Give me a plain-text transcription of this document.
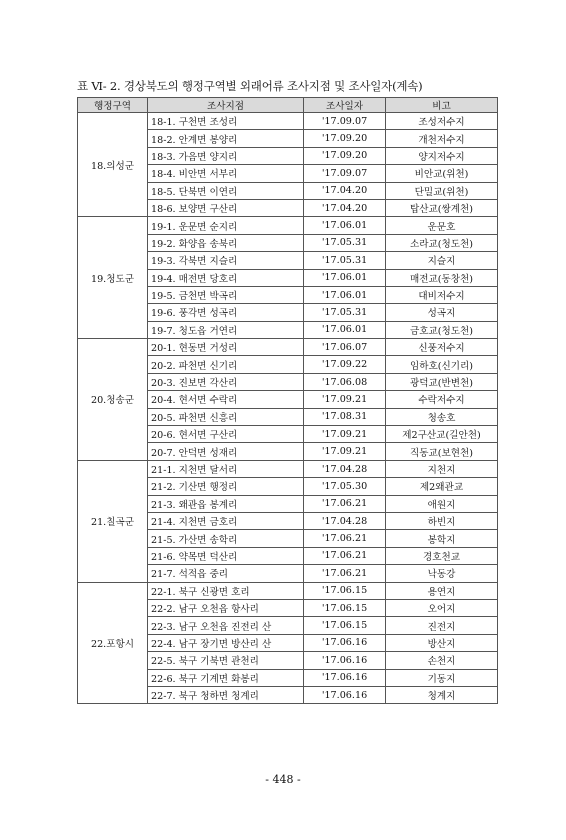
표 Ⅵ- 2. 경상북도의 행정구역별 외래어류 조사지점 및 조사일자(계속)
행정구역	조사지점	조사일자	비고
18.의성군	18-1. 구천면 조성리	'17.09.07	조성저수지
	18-2. 안계면 봉양리	'17.09.20	개천저수지
	18-3. 가음면 양지리	'17.09.20	양지저수지
	18-4. 비안면 서부리	'17.09.07	비안교(위천)
	18-5. 단북면 이연리	'17.04.20	단밀교(위천)
	18-6. 보양면 구산리	'17.04.20	탑산교(쌍계천)
19.청도군	19-1. 운문면 순지리	'17.06.01	운문호
	19-2. 화양읍 송북리	'17.05.31	소라교(청도천)
	19-3. 각북면 지슬리	'17.05.31	지슬지
	19-4. 매전면 당호리	'17.06.01	매전교(동창천)
	19-5. 금천면 박곡리	'17.06.01	대비저수지
	19-6. 풍각면 성곡리	'17.05.31	성곡지
	19-7. 청도읍 거연리	'17.06.01	금호교(청도천)
20.청송군	20-1. 현동면 거성리	'17.06.07	신풍저수지
	20-2. 파천면 신기리	'17.09.22	임하호(신기리)
	20-3. 진보면 각산리	'17.06.08	광덕교(반변천)
	20-4. 현서면 수락리	'17.09.21	수락저수지
	20-5. 파천면 신흥리	'17.08.31	청송호
	20-6. 현서면 구산리	'17.09.21	제2구산교(길안천)
	20-7. 안덕면 성재리	'17.09.21	직동교(보현천)
21.칠곡군	21-1. 지천면 달서리	'17.04.28	지천지
	21-2. 기산면 행정리	'17.05.30	제2왜관교
	21-3. 왜관읍 봉계리	'17.06.21	애원지
	21-4. 지천면 금호리	'17.04.28	하빈지
	21-5. 가산면 송학리	'17.06.21	봉학지
	21-6. 약목면 덕산리	'17.06.21	경호천교
	21-7. 석적읍 중리	'17.06.21	낙동강
22.포항시	22-1. 북구 신광면 호리	'17.06.15	용연지
	22-2. 남구 오천읍 항사리	'17.06.15	오어지
	22-3. 남구 오천읍 진전리 산	'17.06.15	진전지
	22-4. 남구 장기면 방산리 산	'17.06.16	방산지
	22-5. 북구 기북면 관천리	'17.06.16	손천지
	22-6. 북구 기계면 화봉리	'17.06.16	기동지
	22-7. 북구 청하면 청계리	'17.06.16	청계지
- 448 -
